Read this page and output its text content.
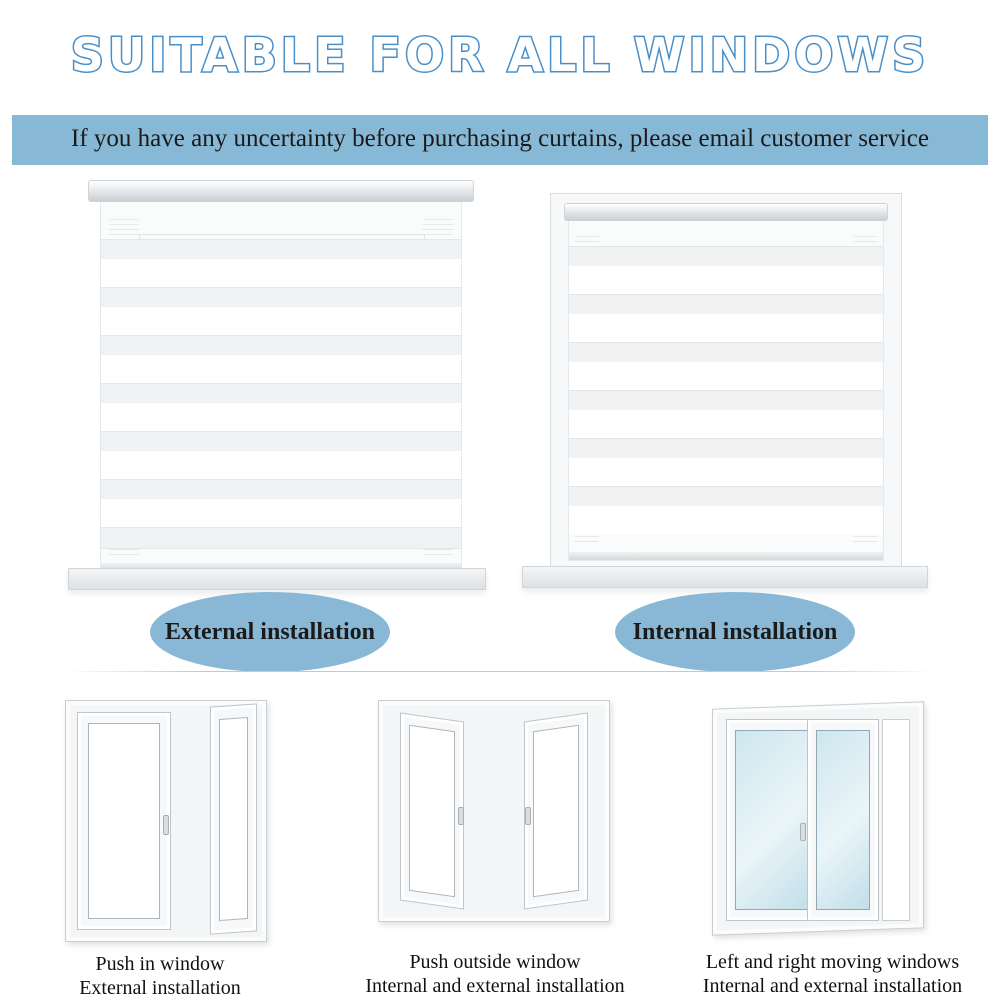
SUITABLE FOR ALL WINDOWS
If you have any uncertainty before purchasing curtains, please email customer service
External installation	Internal installation
Push in window
External installation
Push outside window
Internal and external installation
Left and right moving windows
Internal and external installation
